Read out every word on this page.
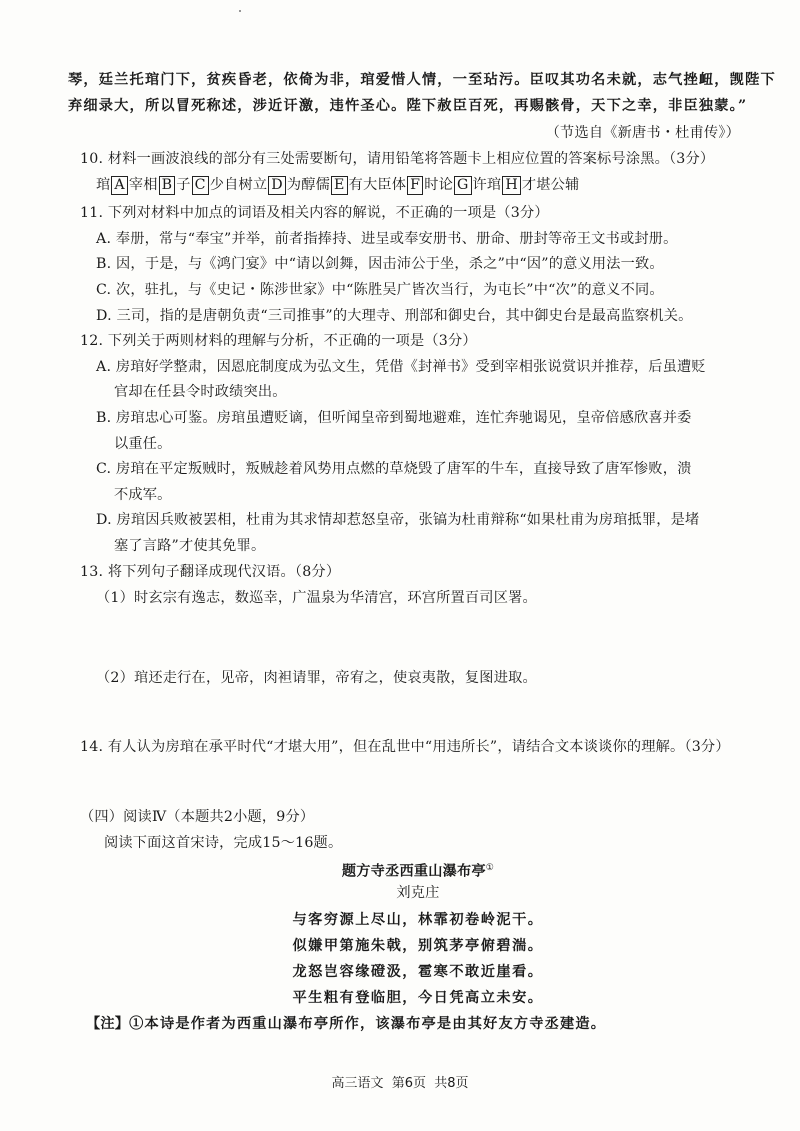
琴，廷兰托琯门下，贫疾昏老，依倚为非，琯爱惜人情，一至玷污。臣叹其功名未就，志气挫衄，觊陛下
弃细录大，所以冒死称述，涉近讦激，违忤圣心。陛下赦臣百死，再赐骸骨，天下之幸，非臣独蒙。”
（节选自《新唐书・杜甫传》）
10. 材料一画波浪线的部分有三处需要断句，请用铅笔将答题卡上相应位置的答案标号涂黑。（3分）
琯 A 宰相 B 子 C 少自树立 D 为醇儒 E 有大臣体 F 时论 G 许琯 H 才堪公辅
11. 下列对材料中加点的词语及相关内容的解说，不正确的一项是（3分）
A. 奉册，常与“奉宝”并举，前者指捧持、进呈或奉安册书、册命、册封等帝王文书或封册。
B. 因，于是，与《鸿门宴》中“请以剑舞，因击沛公于坐，杀之”中“因”的意义用法一致。
C. 次，驻扎，与《史记・陈涉世家》中“陈胜吴广皆次当行，为屯长”中“次”的意义不同。
D. 三司，指的是唐朝负责“三司推事”的大理寺、刑部和御史台，其中御史台是最高监察机关。
12. 下列关于两则材料的理解与分析，不正确的一项是（3分）
A. 房琯好学整肃，因恩庇制度成为弘文生，凭借《封禅书》受到宰相张说赏识并推荐，后虽遭贬
官却在任县令时政绩突出。
B. 房琯忠心可鉴。房琯虽遭贬谪，但听闻皇帝到蜀地避难，连忙奔驰谒见，皇帝倍感欣喜并委
以重任。
C. 房琯在平定叛贼时，叛贼趁着风势用点燃的草烧毁了唐军的牛车，直接导致了唐军惨败，溃
不成军。
D. 房琯因兵败被罢相，杜甫为其求情却惹怒皇帝，张镐为杜甫辩称“如果杜甫为房琯抵罪，是堵
塞了言路”才使其免罪。
13. 将下列句子翻译成现代汉语。（8分）
（1）时玄宗有逸志，数巡幸，广温泉为华清宫，环宫所置百司区署。
（2）琯还走行在，见帝，肉袒请罪，帝宥之，使哀夷散，复图进取。
14. 有人认为房琯在承平时代“才堪大用”，但在乱世中“用违所长”，请结合文本谈谈你的理解。（3分）
（四）阅读Ⅳ（本题共2小题，9分）
阅读下面这首宋诗，完成15～16题。
题方寺丞西重山瀑布亭①
刘克庄
与客穷源上尽山，林霏初卷岭泥干。
似嫌甲第施朱戟，别筑茅亭俯碧湍。
龙怒岂容缘磴汲，雹寒不敢近崖看。
平生粗有登临胆，今日凭高立未安。
【注】①本诗是作者为西重山瀑布亭所作，该瀑布亭是由其好友方寺丞建造。
高三语文 第6页 共8页
